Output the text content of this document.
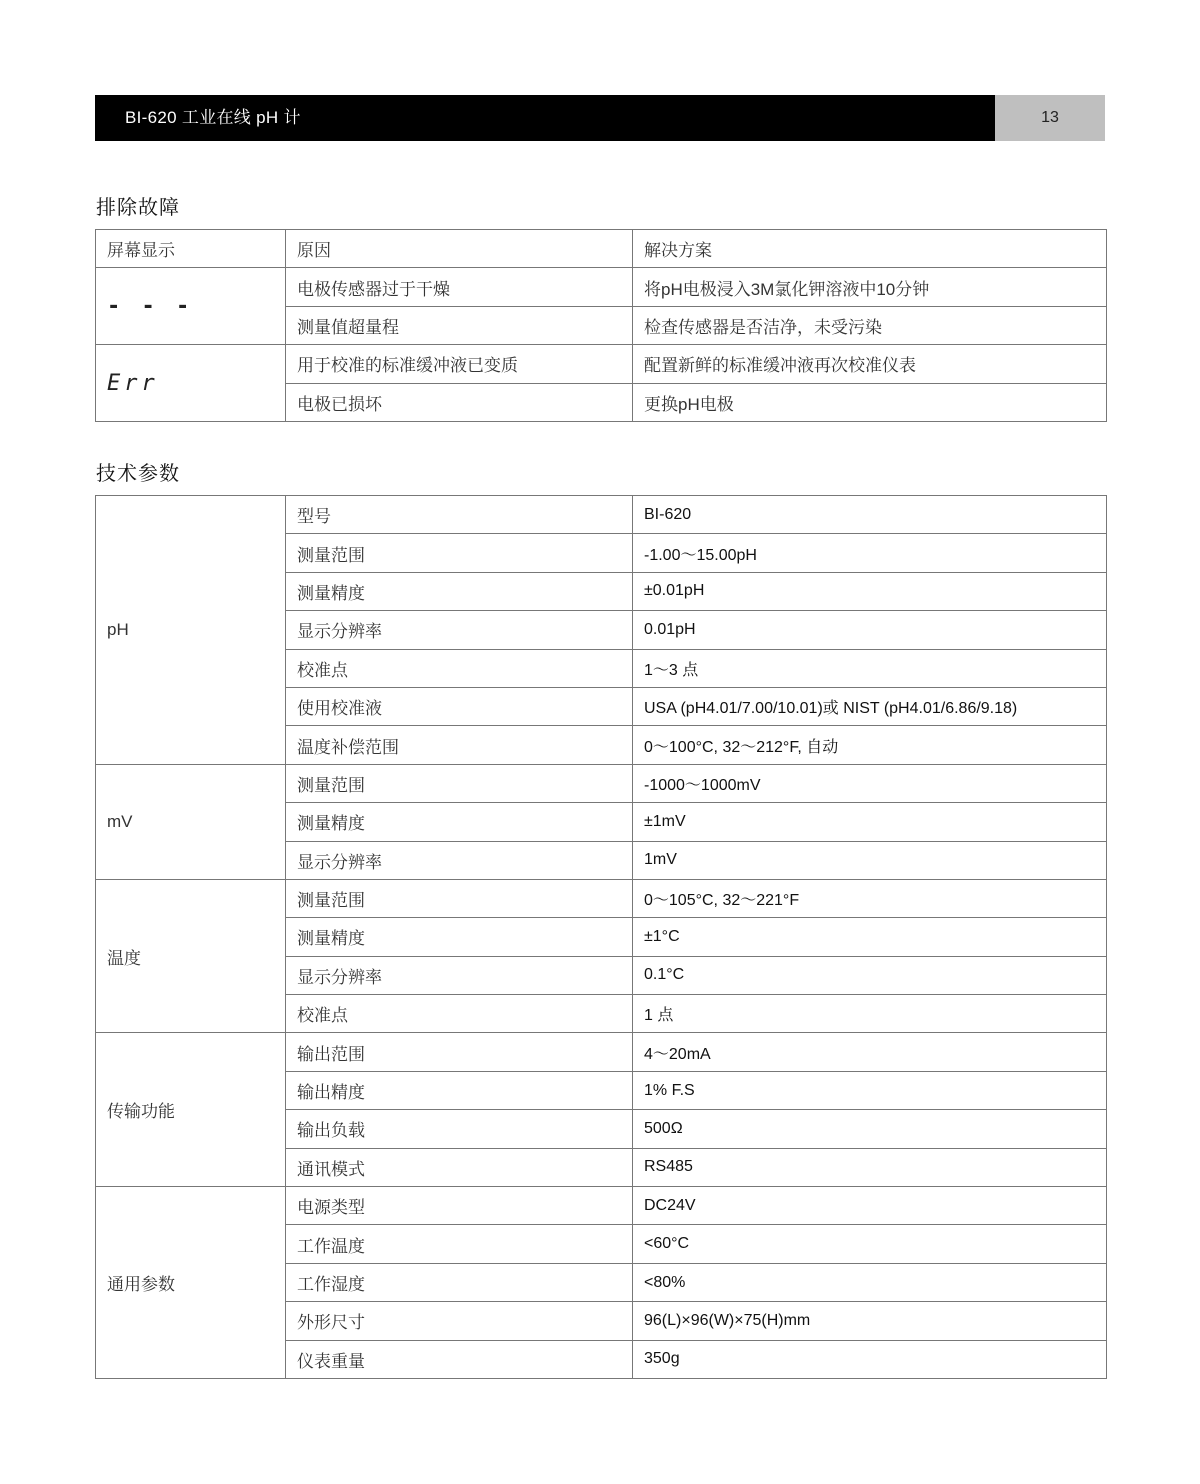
BI-620 工业在线 pH 计	13
排除故障
屏幕显示	原因	解决方案
- - -	电极传感器过于干燥	将pH电极浸入3M氯化钾溶液中10分钟
	测量值超量程	检查传感器是否洁净，未受污染
Err	用于校准的标准缓冲液已变质	配置新鲜的标准缓冲液再次校准仪表
	电极已损坏	更换pH电极
技术参数
pH	型号	BI-620
	测量范围	-1.00～15.00pH
	测量精度	±0.01pH
	显示分辨率	0.01pH
	校准点	1～3 点
	使用校准液	USA (pH4.01/7.00/10.01)或 NIST (pH4.01/6.86/9.18)
	温度补偿范围	0～100°C, 32～212°F, 自动
mV	测量范围	-1000～1000mV
	测量精度	±1mV
	显示分辨率	1mV
温度	测量范围	0～105°C, 32～221°F
	测量精度	±1°C
	显示分辨率	0.1°C
	校准点	1 点
传输功能	输出范围	4～20mA
	输出精度	1% F.S
	输出负载	500Ω
	通讯模式	RS485
通用参数	电源类型	DC24V
	工作温度	<60°C
	工作湿度	<80%
	外形尺寸	96(L)×96(W)×75(H)mm
	仪表重量	350g
